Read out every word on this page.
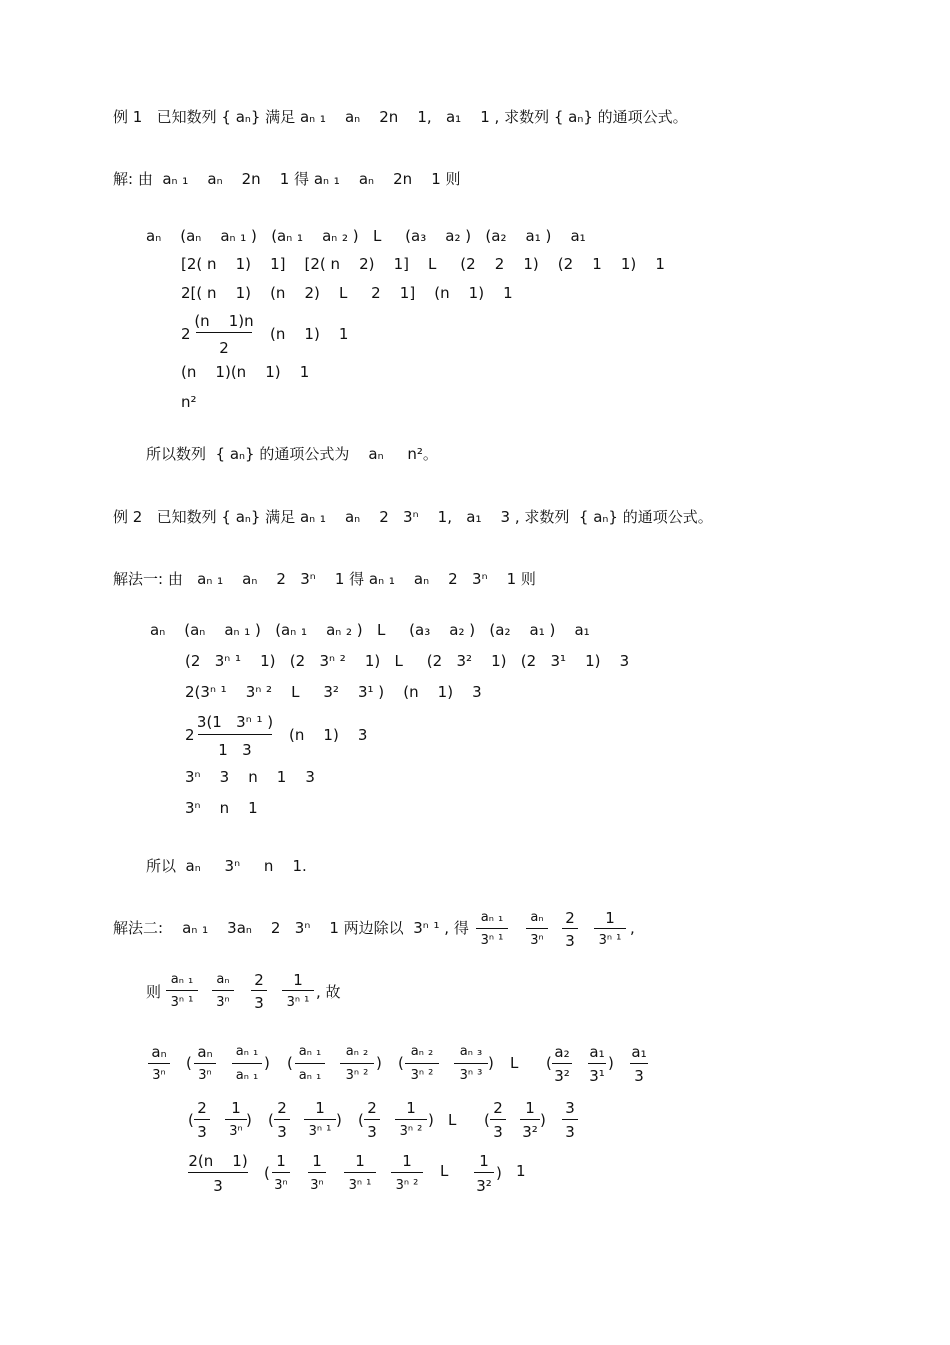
例 1   已知数列 { aₙ} 满足 aₙ ₁    aₙ    2n    1,   a₁    1 , 求数列 { aₙ} 的通项公式。
解: 由  aₙ ₁    aₙ    2n    1 得 aₙ ₁    aₙ    2n    1 则
aₙ    (aₙ    aₙ ₁ )   (aₙ ₁    aₙ ₂ )   L     (a₃    a₂ )   (a₂    a₁ )    a₁
[2( n    1)    1]    [2( n    2)    1]    L     (2    2    1)    (2    1    1)    1
2[( n    1)    (n    2)    L     2    1]    (n    1)    1
2
(n    1)n
2
(n    1)    1
(n    1)(n    1)    1
n²
所以数列  { aₙ} 的通项公式为    aₙ     n²。
例 2   已知数列 { aₙ} 满足 aₙ ₁    aₙ    2   3ⁿ    1,   a₁    3 , 求数列  { aₙ} 的通项公式。
解法一: 由   aₙ ₁    aₙ    2   3ⁿ    1 得 aₙ ₁    aₙ    2   3ⁿ    1 则
aₙ    (aₙ    aₙ ₁ )   (aₙ ₁    aₙ ₂ )   L     (a₃    a₂ )   (a₂    a₁ )    a₁
(2   3ⁿ ¹    1)   (2   3ⁿ ²    1)   L     (2   3²    1)   (2   3¹    1)    3
2(3ⁿ ¹    3ⁿ ²    L     3²    3¹ )    (n    1)    3
2
3(1   3ⁿ ¹ )
1   3
(n    1)    3
3ⁿ    3    n    1    3
3ⁿ    n    1
所以  aₙ     3ⁿ     n    1.
解法二:    aₙ ₁    3aₙ    2   3ⁿ    1 两边除以  3ⁿ ¹ , 得
aₙ ₁
3ⁿ ¹
aₙ
3ⁿ
2
3
1
3ⁿ ¹
,
则
aₙ ₁
3ⁿ ¹
aₙ
3ⁿ
2
3
1
3ⁿ ¹
, 故
aₙ
3ⁿ
(
aₙ
3ⁿ
aₙ ₁
aₙ ₁
) (
aₙ ₁
aₙ ₁
aₙ ₂
3ⁿ ²
) (
aₙ ₂
3ⁿ ²
aₙ ₃
3ⁿ ³
) L (
a₂
3²
a₁
3¹
)
a₁
3
(
2
3
1
3ⁿ
) (
2
3
1
3ⁿ ¹
) (
2
3
1
3ⁿ ²
) L (
2
3
1
3²
)
3
3
2(n    1)
3
(
1
3ⁿ
1
3ⁿ
1
3ⁿ ¹
1
3ⁿ ²
L
1
3²
) 1
